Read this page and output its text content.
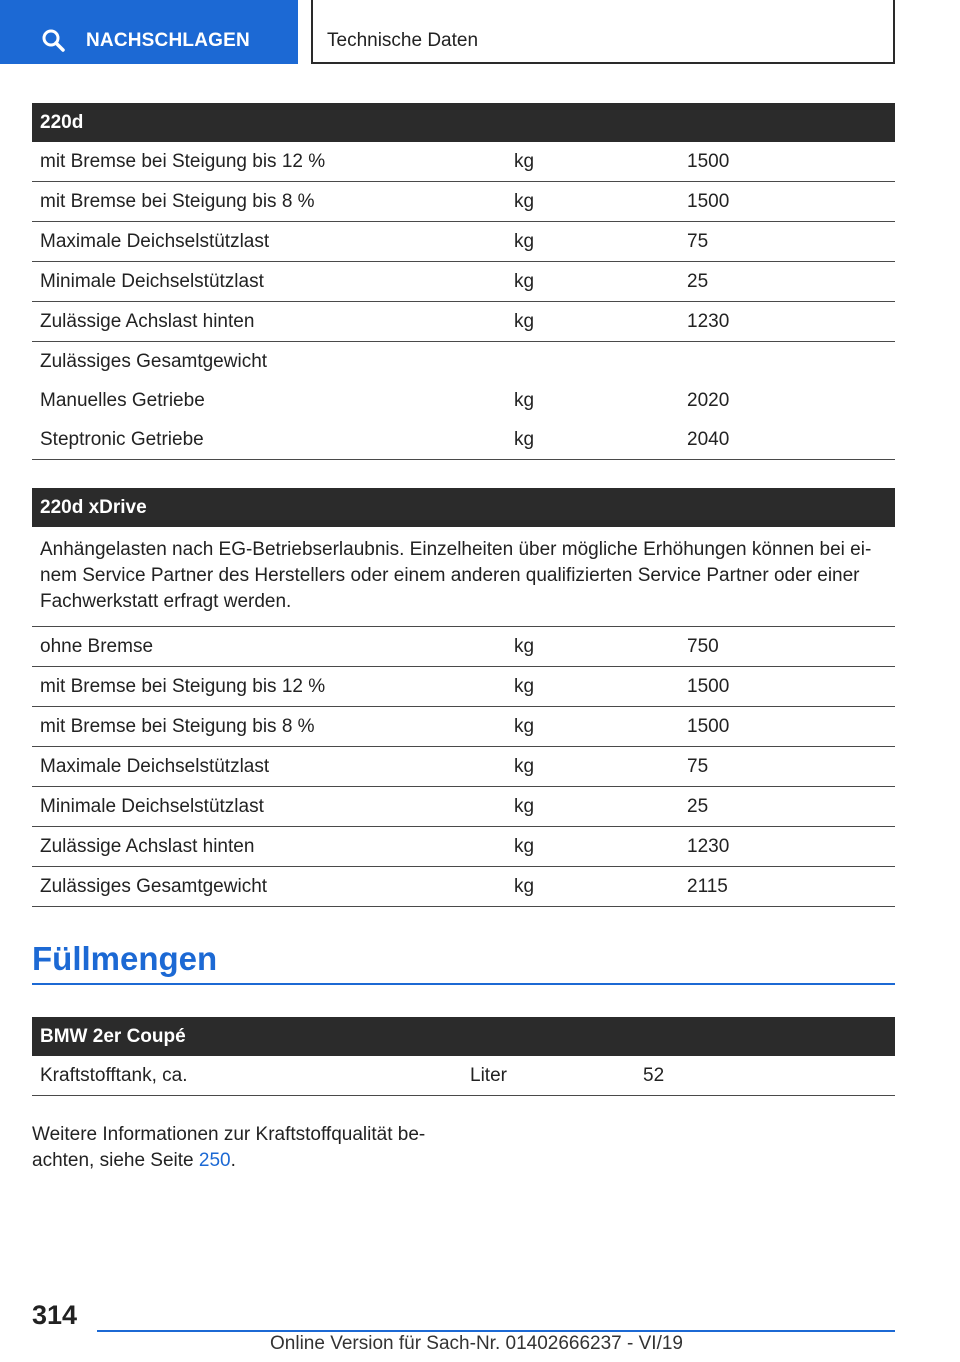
NACHSCHLAGEN	Technische Daten
220d
mit Bremse bei Steigung bis 12 %	kg	1500
mit Bremse bei Steigung bis 8 %	kg	1500
Maximale Deichselstützlast	kg	75
Minimale Deichselstützlast	kg	25
Zulässige Achslast hinten	kg	1230
Zulässiges Gesamtgewicht
Manuelles Getriebe	kg	2020
Steptronic Getriebe	kg	2040
220d xDrive
Anhängelasten nach EG-Betriebserlaubnis. Einzelheiten über mögliche Erhöhungen können bei ei-nem Service Partner des Herstellers oder einem anderen qualifizierten Service Partner oder einer Fachwerkstatt erfragt werden.
ohne Bremse	kg	750
mit Bremse bei Steigung bis 12 %	kg	1500
mit Bremse bei Steigung bis 8 %	kg	1500
Maximale Deichselstützlast	kg	75
Minimale Deichselstützlast	kg	25
Zulässige Achslast hinten	kg	1230
Zulässiges Gesamtgewicht	kg	2115
Füllmengen
BMW 2er Coupé
Kraftstofftank, ca.	Liter	52
Weitere Informationen zur Kraftstoffqualität be-achten, siehe Seite 250.
314
Online Version für Sach-Nr. 01402666237 - VI/19
